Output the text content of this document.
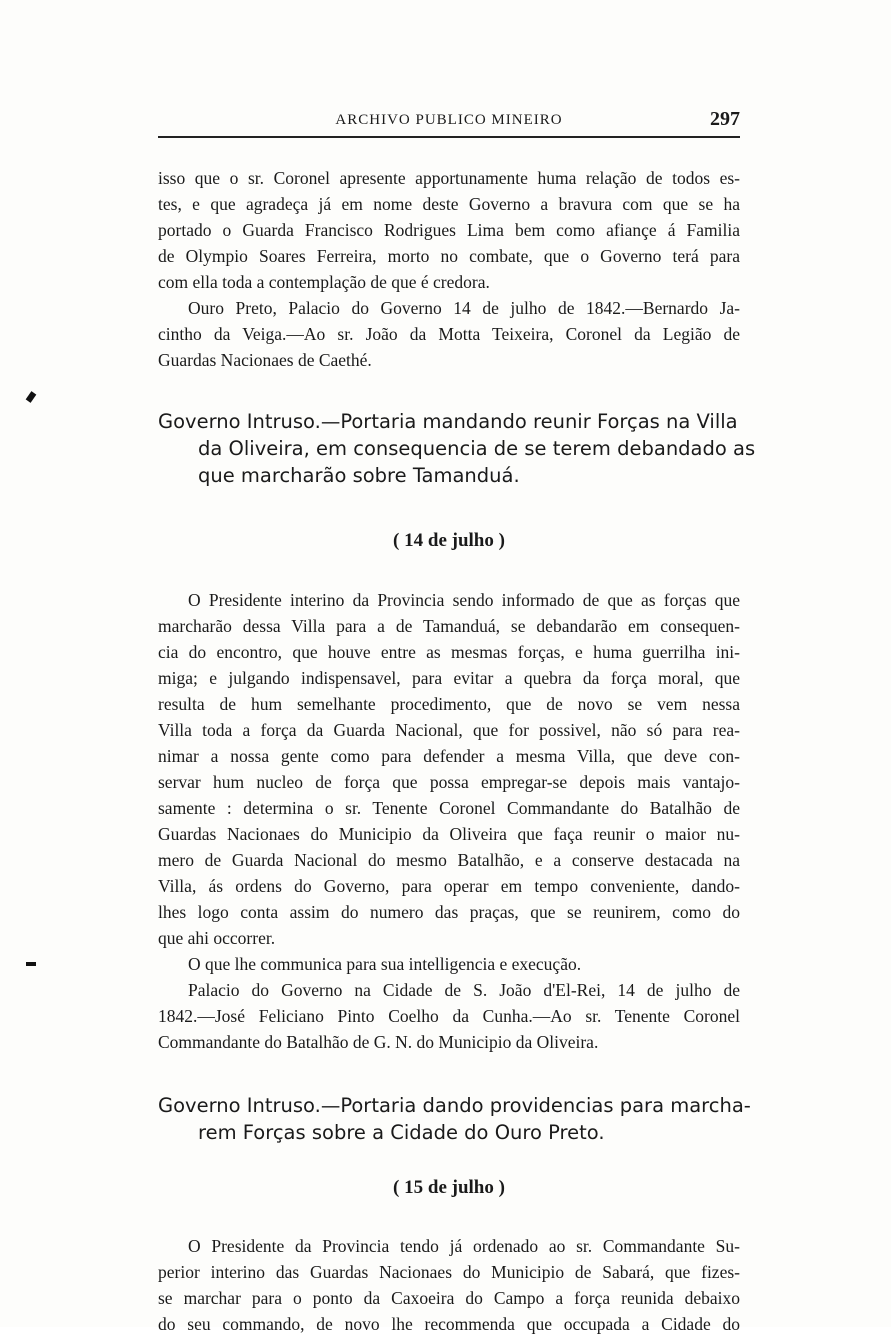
ARCHIVO PUBLICO MINEIRO	297
isso que o sr. Coronel apresente apportunamente huma relação de todos es-
tes, e que agradeça já em nome deste Governo a bravura com que se ha
portado o Guarda Francisco Rodrigues Lima bem como afiançe á Familia
de Olympio Soares Ferreira, morto no combate, que o Governo terá para
com ella toda a contemplação de que é credora.
Ouro Preto, Palacio do Governo 14 de julho de 1842.—Bernardo Ja-
cintho da Veiga.—Ao sr. João da Motta Teixeira, Coronel da Legião de
Guardas Nacionaes de Caethé.
Governo Intruso.—Portaria mandando reunir Forças na Villa
da Oliveira, em consequencia de se terem debandado as
que marcharão sobre Tamanduá.
( 14 de julho )
O Presidente interino da Provincia sendo informado de que as forças que
marcharão dessa Villa para a de Tamanduá, se debandarão em consequen-
cia do encontro, que houve entre as mesmas forças, e huma guerrilha ini-
miga; e julgando indispensavel, para evitar a quebra da força moral, que
resulta de hum semelhante procedimento, que de novo se vem nessa
Villa toda a força da Guarda Nacional, que for possivel, não só para rea-
nimar a nossa gente como para defender a mesma Villa, que deve con-
servar hum nucleo de força que possa empregar-se depois mais vantajo-
samente : determina o sr. Tenente Coronel Commandante do Batalhão de
Guardas Nacionaes do Municipio da Oliveira que faça reunir o maior nu-
mero de Guarda Nacional do mesmo Batalhão, e a conserve destacada na
Villa, ás ordens do Governo, para operar em tempo conveniente, dando-
lhes logo conta assim do numero das praças, que se reunirem, como do
que ahi occorrer.
O que lhe communica para sua intelligencia e execução.
Palacio do Governo na Cidade de S. João d'El-Rei, 14 de julho de
1842.—José Feliciano Pinto Coelho da Cunha.—Ao sr. Tenente Coronel
Commandante do Batalhão de G. N. do Municipio da Oliveira.
Governo Intruso.—Portaria dando providencias para marcha-
rem Forças sobre a Cidade do Ouro Preto.
( 15 de julho )
O Presidente da Provincia tendo já ordenado ao sr. Commandante Su-
perior interino das Guardas Nacionaes do Municipio de Sabará, que fizes-
se marchar para o ponto da Caxoeira do Campo a força reunida debaixo
do seu commando, de novo lhe recommenda que occupada a Cidade do
